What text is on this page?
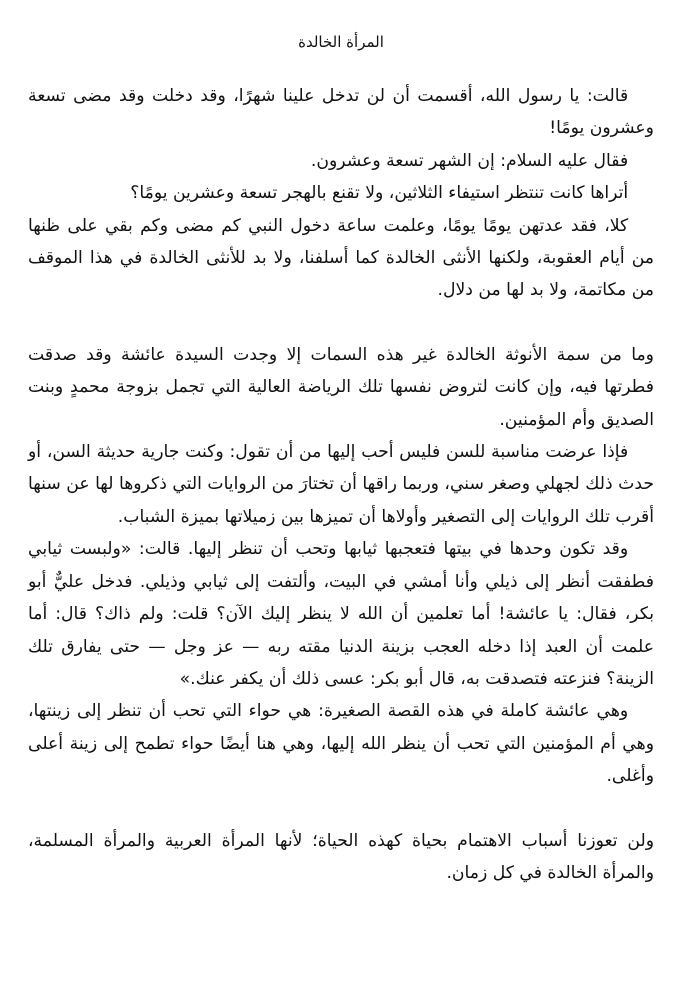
المرأة الخالدة

قالت: يا رسول الله، أقسمت أن لن تدخل علينا شهرًا، وقد دخلت وقد مضى تسعة وعشرون يومًا!

فقال عليه السلام: إن الشهر تسعة وعشرون.

أتراها كانت تنتظر استيفاء الثلاثين، ولا تقنع بالهجر تسعة وعشرين يومًا؟

كلا، فقد عدتهن يومًا يومًا، وعلمت ساعة دخول النبي كم مضى وكم بقي على ظنها من أيام العقوبة، ولكنها الأنثى الخالدة كما أسلفنا، ولا بد للأنثى الخالدة في هذا الموقف من مكاتمة، ولا بد لها من دلال.

وما من سمة الأنوثة الخالدة غير هذه السمات إلا وجدت السيدة عائشة وقد صدقت فطرتها فيه، وإن كانت لتروض نفسها تلك الرياضة العالية التي تجمل بزوجة محمدٍ وبنت الصديق وأم المؤمنين.

فإذا عرضت مناسبة للسن فليس أحب إليها من أن تقول: وكنت جارية حديثة السن، أو حدث ذلك لجهلي وصغر سني، وربما راقها أن تختارَ من الروايات التي ذكروها لها عن سنها أقرب تلك الروايات إلى التصغير وأولاها أن تميزها بين زميلاتها بميزة الشباب.

وقد تكون وحدها في بيتها فتعجبها ثيابها وتحب أن تنظر إليها. قالت: «ولبست ثيابي فطفقت أنظر إلى ذيلي وأنا أمشي في البيت، وألتفت إلى ثيابي وذيلي. فدخل عليٌّ أبو بكر، فقال: يا عائشة! أما تعلمين أن الله لا ينظر إليك الآن؟ قلت: ولم ذاك؟ قال: أما علمت أن العبد إذا دخله العجب بزينة الدنيا مقته ربه — عز وجل — حتى يفارق تلك الزينة؟ فنزعته فتصدقت به، قال أبو بكر: عسى ذلك أن يكفر عنك.»

وهي عائشة كاملة في هذه القصة الصغيرة: هي حواء التي تحب أن تنظر إلى زينتها، وهي أم المؤمنين التي تحب أن ينظر الله إليها، وهي هنا أيضًا حواء تطمح إلى زينة أعلى وأغلى.

ولن تعوزنا أسباب الاهتمام بحياة كهذه الحياة؛ لأنها المرأة العربية والمرأة المسلمة، والمرأة الخالدة في كل زمان.
